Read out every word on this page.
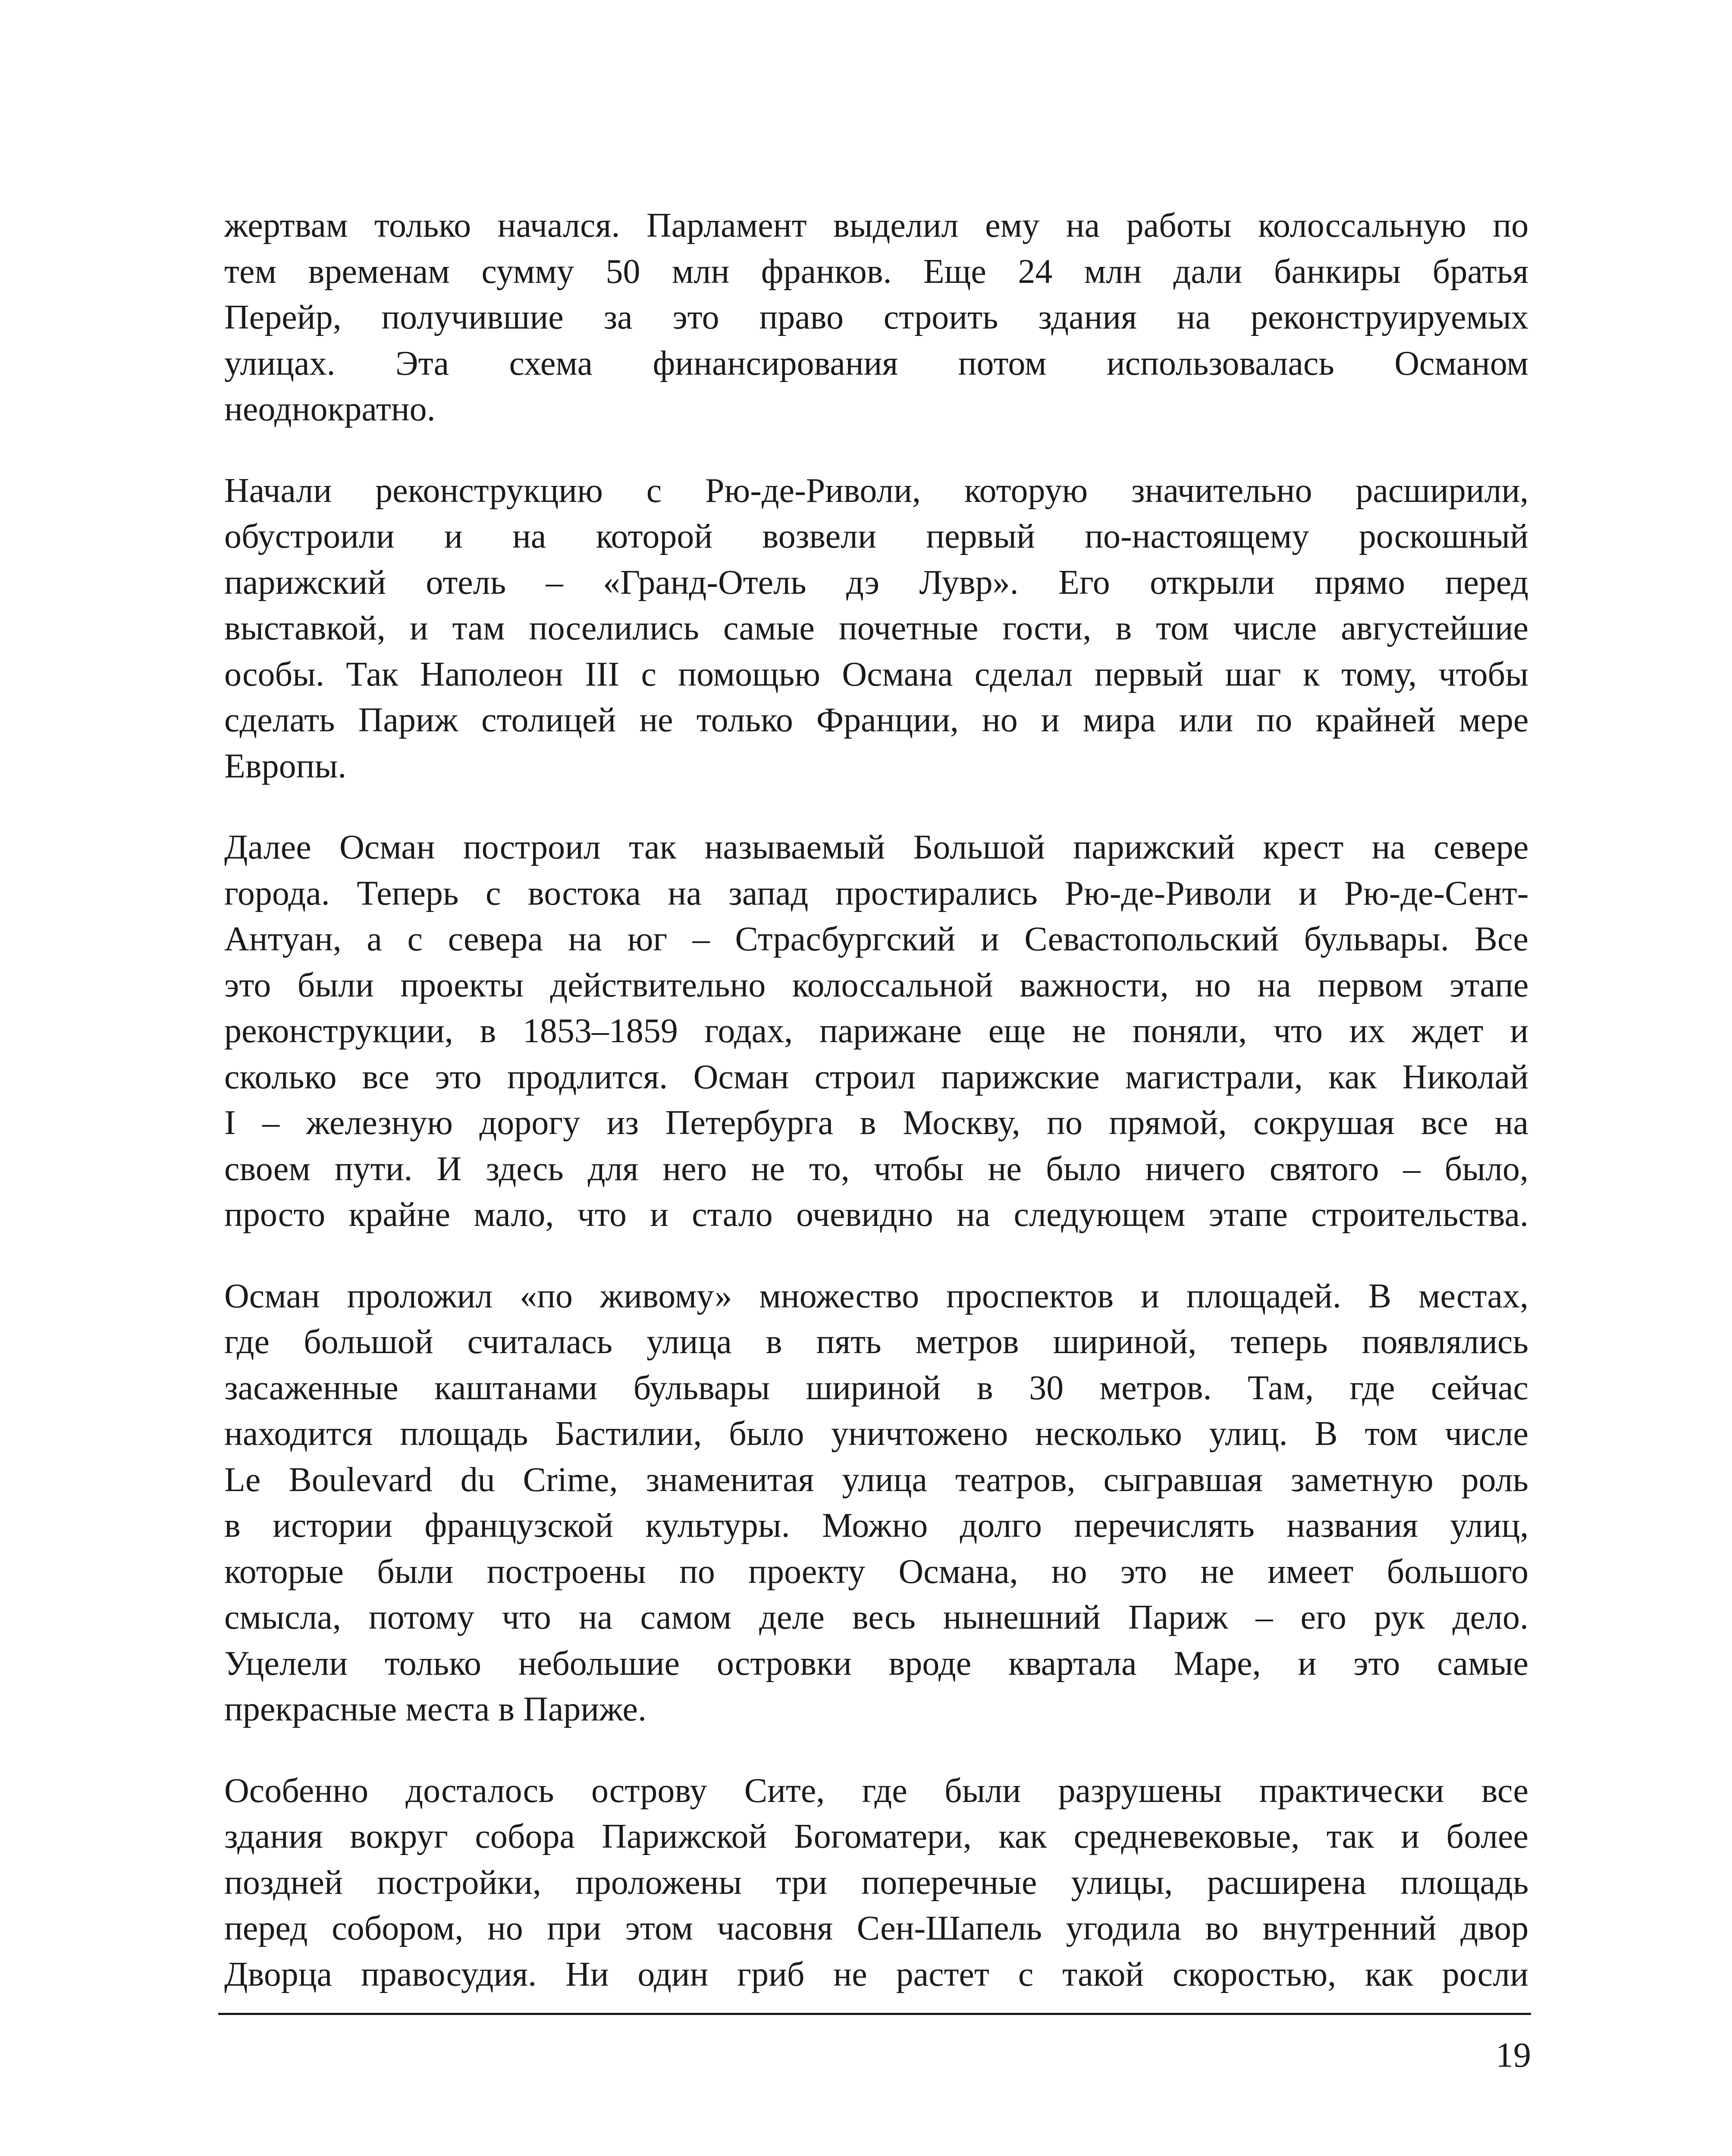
жертвам только начался. Парламент выделил ему на работы колоссальную по
тем временам сумму 50 млн франков. Еще 24 млн дали банкиры братья
Перейр, получившие за это право строить здания на реконструируемых
улицах. Эта схема финансирования потом использовалась Османом
неоднократно.

Начали реконструкцию с Рю-де-Риволи, которую значительно расширили,
обустроили и на которой возвели первый по-настоящему роскошный
парижский отель – «Гранд-Отель дэ Лувр». Его открыли прямо перед
выставкой, и там поселились самые почетные гости, в том числе августейшие
особы. Так Наполеон III с помощью Османа сделал первый шаг к тому, чтобы
сделать Париж столицей не только Франции, но и мира или по крайней мере
Европы.

Далее Осман построил так называемый Большой парижский крест на севере
города. Теперь с востока на запад простирались Рю-де-Риволи и Рю-де-Сент-
Антуан, а с севера на юг – Страсбургский и Севастопольский бульвары. Все
это были проекты действительно колоссальной важности, но на первом этапе
реконструкции, в 1853–1859 годах, парижане еще не поняли, что их ждет и
сколько все это продлится. Осман строил парижские магистрали, как Николай
I – железную дорогу из Петербурга в Москву, по прямой, сокрушая все на
своем пути. И здесь для него не то, чтобы не было ничего святого – было,
просто крайне мало, что и стало очевидно на следующем этапе строительства.

Осман проложил «по живому» множество проспектов и площадей. В местах,
где большой считалась улица в пять метров шириной, теперь появлялись
засаженные каштанами бульвары шириной в 30 метров. Там, где сейчас
находится площадь Бастилии, было уничтожено несколько улиц. В том числе
Le Boulevard du Crime, знаменитая улица театров, сыгравшая заметную роль
в истории французской культуры. Можно долго перечислять названия улиц,
которые были построены по проекту Османа, но это не имеет большого
смысла, потому что на самом деле весь нынешний Париж – его рук дело.
Уцелели только небольшие островки вроде квартала Маре, и это самые
прекрасные места в Париже.

Особенно досталось острову Сите, где были разрушены практически все
здания вокруг собора Парижской Богоматери, как средневековые, так и более
поздней постройки, проложены три поперечные улицы, расширена площадь
перед собором, но при этом часовня Сен-Шапель угодила во внутренний двор
Дворца правосудия. Ни один гриб не растет с такой скоростью, как росли

19
